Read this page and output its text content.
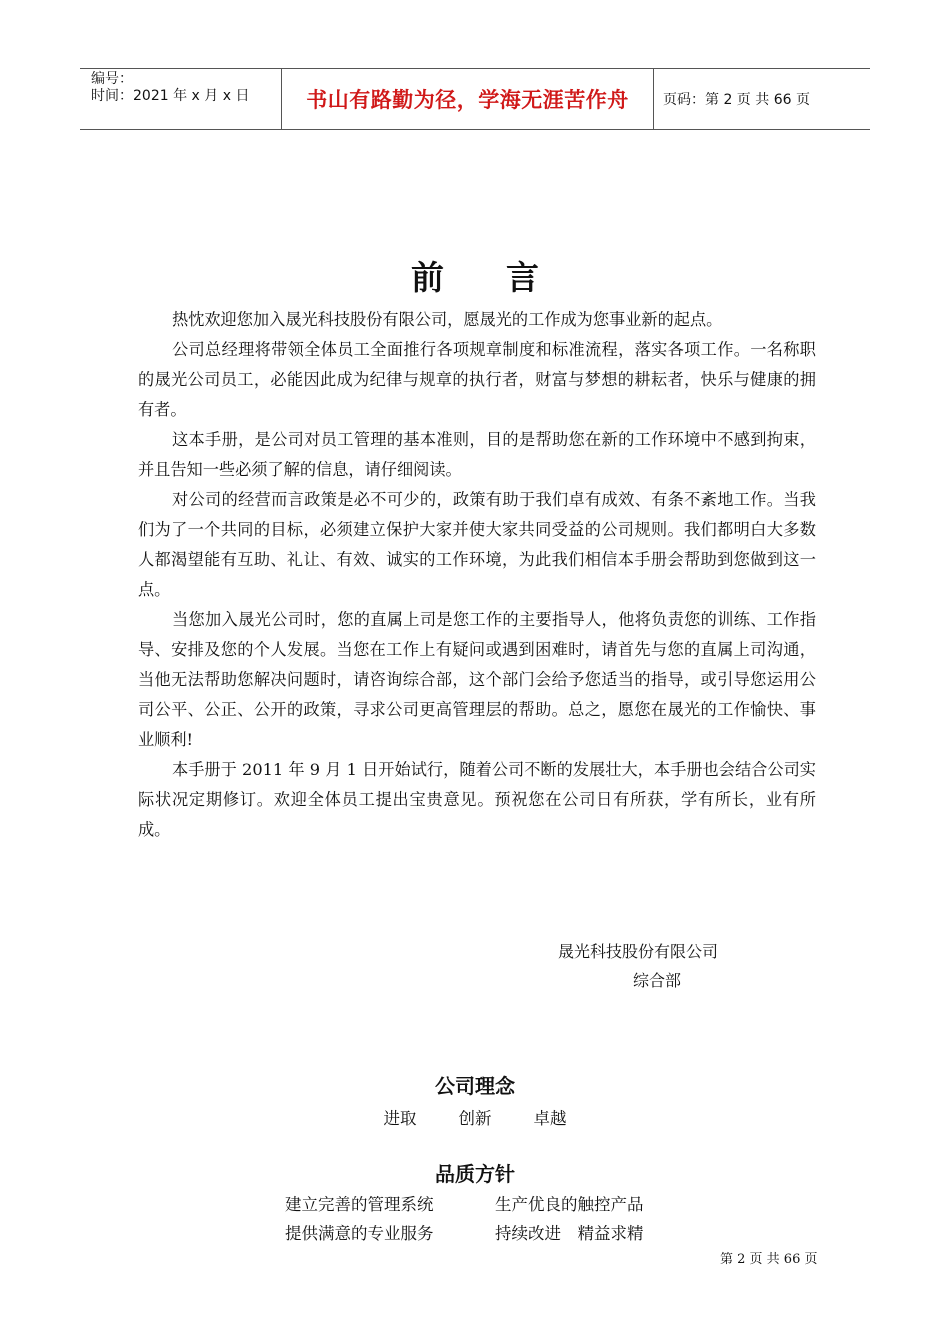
编号：
时间：2021 年 x 月 x 日	书山有路勤为径，学海无涯苦作舟	页码：第 2 页 共 66 页
前言

热忱欢迎您加入晟光科技股份有限公司，愿晟光的工作成为您事业新的起点。

公司总经理将带领全体员工全面推行各项规章制度和标准流程，落实各项工作。一名称职的晟光公司员工，必能因此成为纪律与规章的执行者，财富与梦想的耕耘者，快乐与健康的拥有者。

这本手册，是公司对员工管理的基本准则，目的是帮助您在新的工作环境中不感到拘束，并且告知一些必须了解的信息，请仔细阅读。

对公司的经营而言政策是必不可少的，政策有助于我们卓有成效、有条不紊地工作。当我们为了一个共同的目标，必须建立保护大家并使大家共同受益的公司规则。我们都明白大多数人都渴望能有互助、礼让、有效、诚实的工作环境，为此我们相信本手册会帮助到您做到这一点。

当您加入晟光公司时，您的直属上司是您工作的主要指导人，他将负责您的训练、工作指导、安排及您的个人发展。当您在工作上有疑问或遇到困难时，请首先与您的直属上司沟通，当他无法帮助您解决问题时，请咨询综合部，这个部门会给予您适当的指导，或引导您运用公司公平、公正、公开的政策，寻求公司更高管理层的帮助。总之，愿您在晟光的工作愉快、事业顺利!

本手册于 2011 年 9 月 1 日开始试行，随着公司不断的发展壮大，本手册也会结合公司实际状况定期修订。欢迎全体员工提出宝贵意见。预祝您在公司日有所获，学有所长，业有所成。

晟光科技股份有限公司
综合部
公司理念
进取	创新	卓越
品质方针
建立完善的管理系统	生产优良的触控产品
提供满意的专业服务	持续改进　精益求精
第 2 页 共 66 页
